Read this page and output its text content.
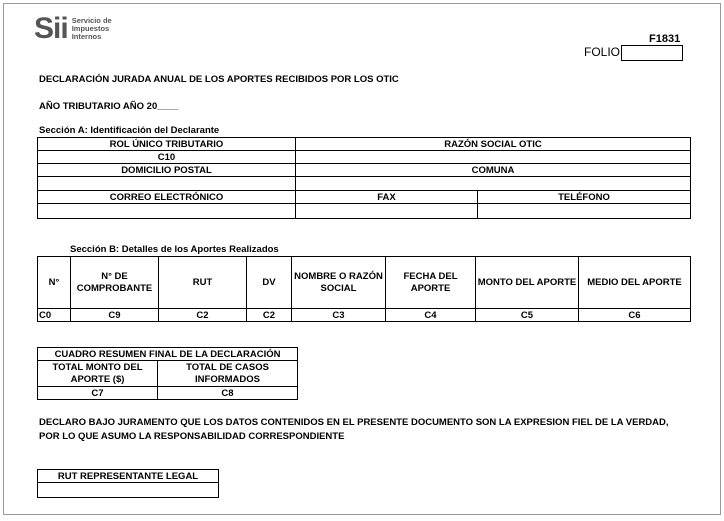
Sii Servicio de
Impuestos
Internos	F1831
FOLIO
DECLARACIÓN JURADA ANUAL DE LOS APORTES RECIBIDOS POR LOS OTIC
AÑO TRIBUTARIO AÑO 20____
Sección A: Identificación del Declarante
ROL ÚNICO TRIBUTARIO	RAZÓN SOCIAL OTIC	
C10		
DOMICILIO POSTAL	COMUNA	

CORREO ELECTRÓNICO	FAX	TELÉFONO

Sección B: Detalles de los Aportes Realizados
N°	N° DE COMPROBANTE	RUT	DV	NOMBRE O RAZÓN SOCIAL	FECHA DEL APORTE	MONTO DEL APORTE	MEDIO DEL APORTE
C0	C9	C2	C2	C3	C4	C5	C6
CUADRO RESUMEN FINAL DE LA DECLARACIÓN	
TOTAL MONTO DEL APORTE ($)	TOTAL DE CASOS INFORMADOS
C7	C8
DECLARO BAJO JURAMENTO QUE LOS DATOS CONTENIDOS EN EL PRESENTE DOCUMENTO SON LA EXPRESION FIEL DE LA VERDAD, POR LO QUE ASUMO LA RESPONSABILIDAD CORRESPONDIENTE
RUT REPRESENTANTE LEGAL
